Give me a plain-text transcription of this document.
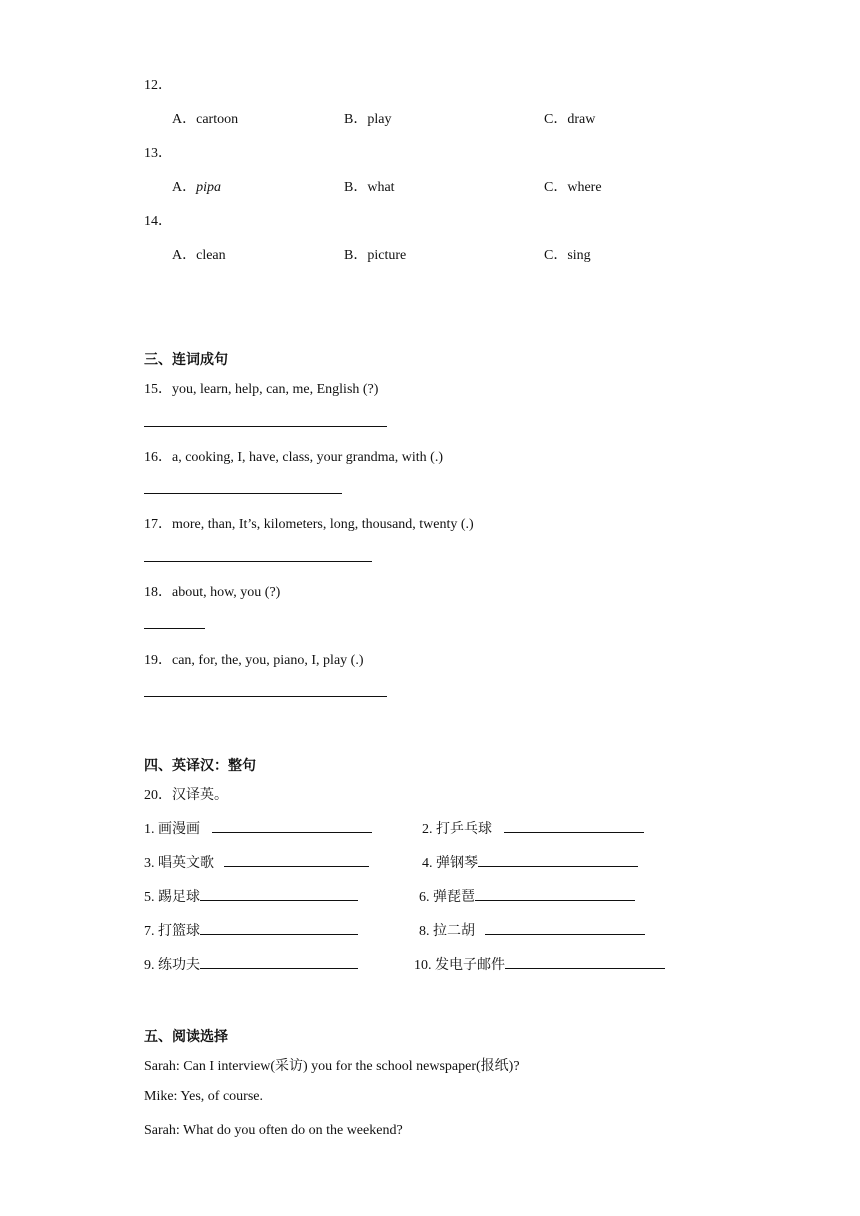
12．
A．cartoon	B．play	C．draw
13．
A．pipa	B．what	C．where
14．
A．clean	B．picture	C．sing
三、连词成句
15．you, learn, help, can, me, English (?)
16．a, cooking, I, have, class, your grandma, with (.)
17．more, than, It’s, kilometers, long, thousand, twenty (.)
18．about, how, you (?)
19．can, for, the, you, piano, I, play (.)
四、英译汉：整句
20．汉译英。
1. 画漫画	2. 打乒乓球
3. 唱英文歌	4. 弹钢琴
5. 踢足球	6. 弹琵琶
7. 打篮球	8. 拉二胡
9. 练功夫	10. 发电子邮件
五、阅读选择
Sarah: Can I interview(采访) you for the school newspaper(报纸)?
Mike: Yes, of course.
Sarah: What do you often do on the weekend?
